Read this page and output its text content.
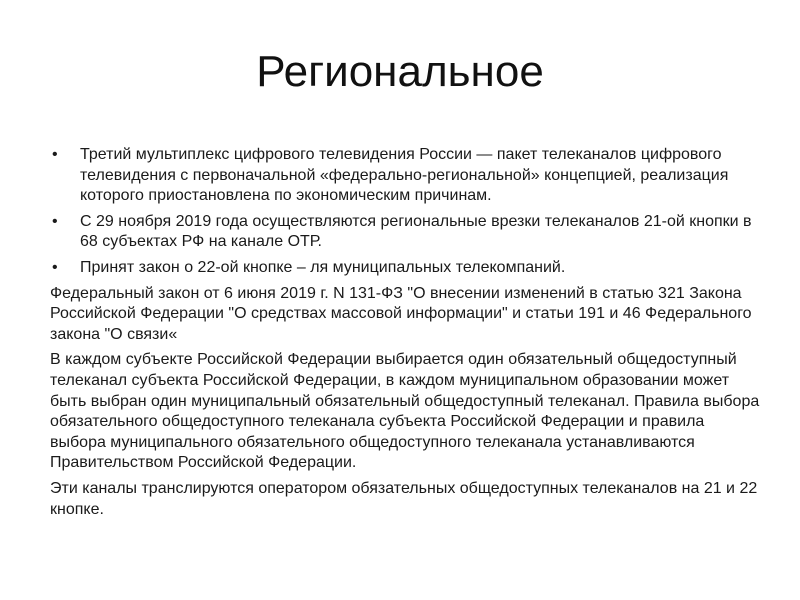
Региональное
• Третий мультиплекс цифрового телевидения России — пакет телеканалов цифрового телевидения с первоначальной «федерально-региональной» концепцией, реализация которого приостановлена по экономическим причинам.
• С 29 ноября 2019 года осуществляются региональные врезки телеканалов 21-ой кнопки в 68 субъектах РФ на канале ОТР.
• Принят закон о 22-ой кнопке – ля муниципальных телекомпаний.

Федеральный закон от 6 июня 2019 г. N 131-ФЗ "О внесении изменений в статью 321 Закона Российской Федерации "О средствах массовой информации" и статьи 191 и 46 Федерального закона "О связи«

В каждом субъекте Российской Федерации выбирается один обязательный общедоступный телеканал субъекта Российской Федерации, в каждом муниципальном образовании может быть выбран один муниципальный обязательный общедоступный телеканал. Правила выбора обязательного общедоступного телеканала субъекта Российской Федерации и правила выбора муниципального обязательного общедоступного телеканала устанавливаются Правительством Российской Федерации.

Эти каналы транслируются оператором обязательных общедоступных телеканалов на 21 и 22 кнопке.
